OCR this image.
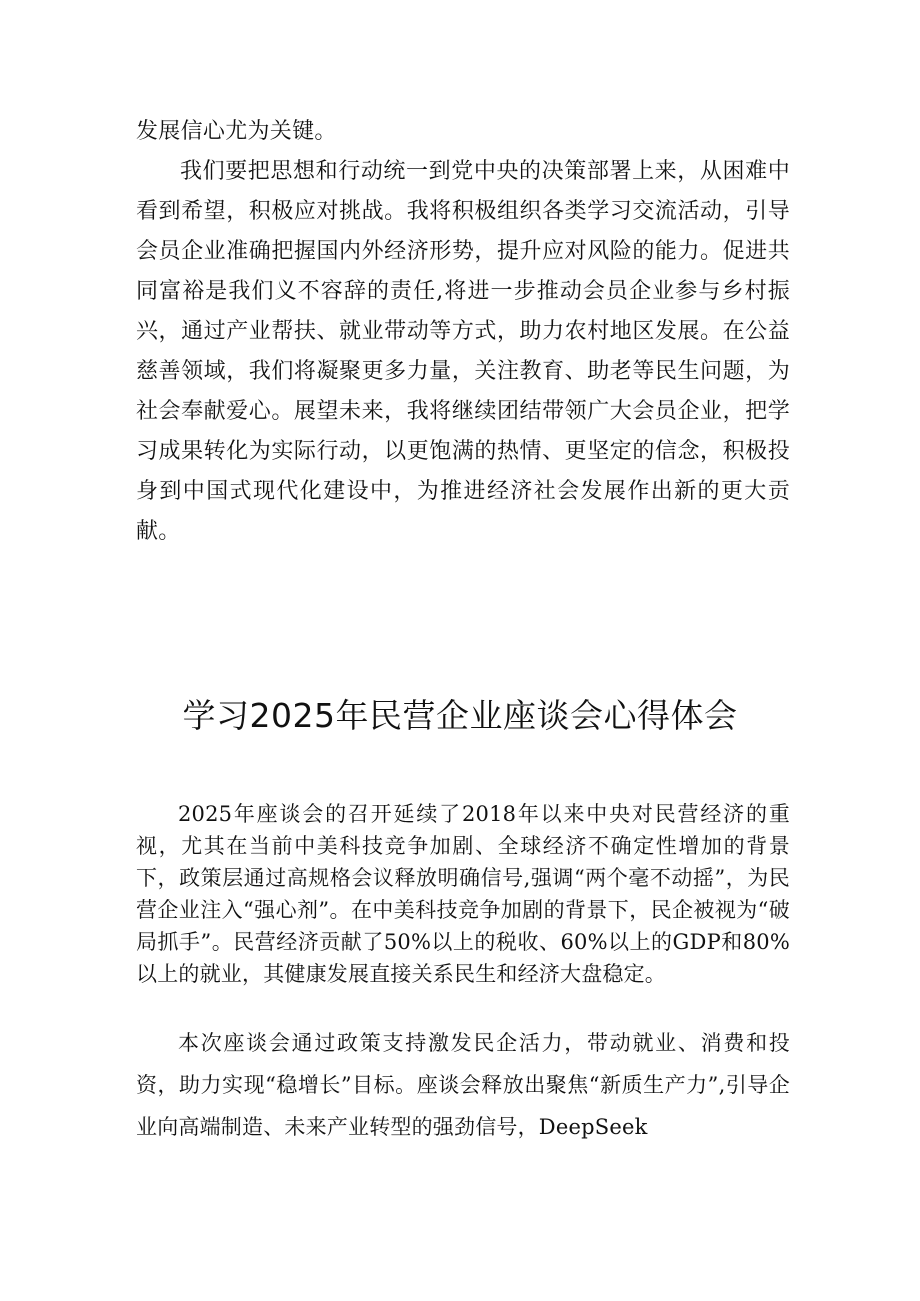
发展信心尤为关键。

我们要把思想和行动统一到党中央的决策部署上来，从困难中看到希望，积极应对挑战。我将积极组织各类学习交流活动，引导会员企业准确把握国内外经济形势，提升应对风险的能力。促进共同富裕是我们义不容辞的责任,将进一步推动会员企业参与乡村振兴，通过产业帮扶、就业带动等方式，助力农村地区发展。在公益慈善领域，我们将凝聚更多力量，关注教育、助老等民生问题，为社会奉献爱心。展望未来，我将继续团结带领广大会员企业，把学习成果转化为实际行动，以更饱满的热情、更坚定的信念，积极投身到中国式现代化建设中，为推进经济社会发展作出新的更大贡献。

学习2025年民营企业座谈会心得体会

2025年座谈会的召开延续了2018年以来中央对民营经济的重视，尤其在当前中美科技竞争加剧、全球经济不确定性增加的背景下，政策层通过高规格会议释放明确信号,强调“两个毫不动摇”，为民营企业注入“强心剂”。在中美科技竞争加剧的背景下，民企被视为“破局抓手”。民营经济贡献了50%以上的税收、60%以上的GDP和80%以上的就业，其健康发展直接关系民生和经济大盘稳定。

本次座谈会通过政策支持激发民企活力，带动就业、消费和投资，助力实现“稳增长”目标。座谈会释放出聚焦“新质生产力”,引导企业向高端制造、未来产业转型的强劲信号，DeepSeek
